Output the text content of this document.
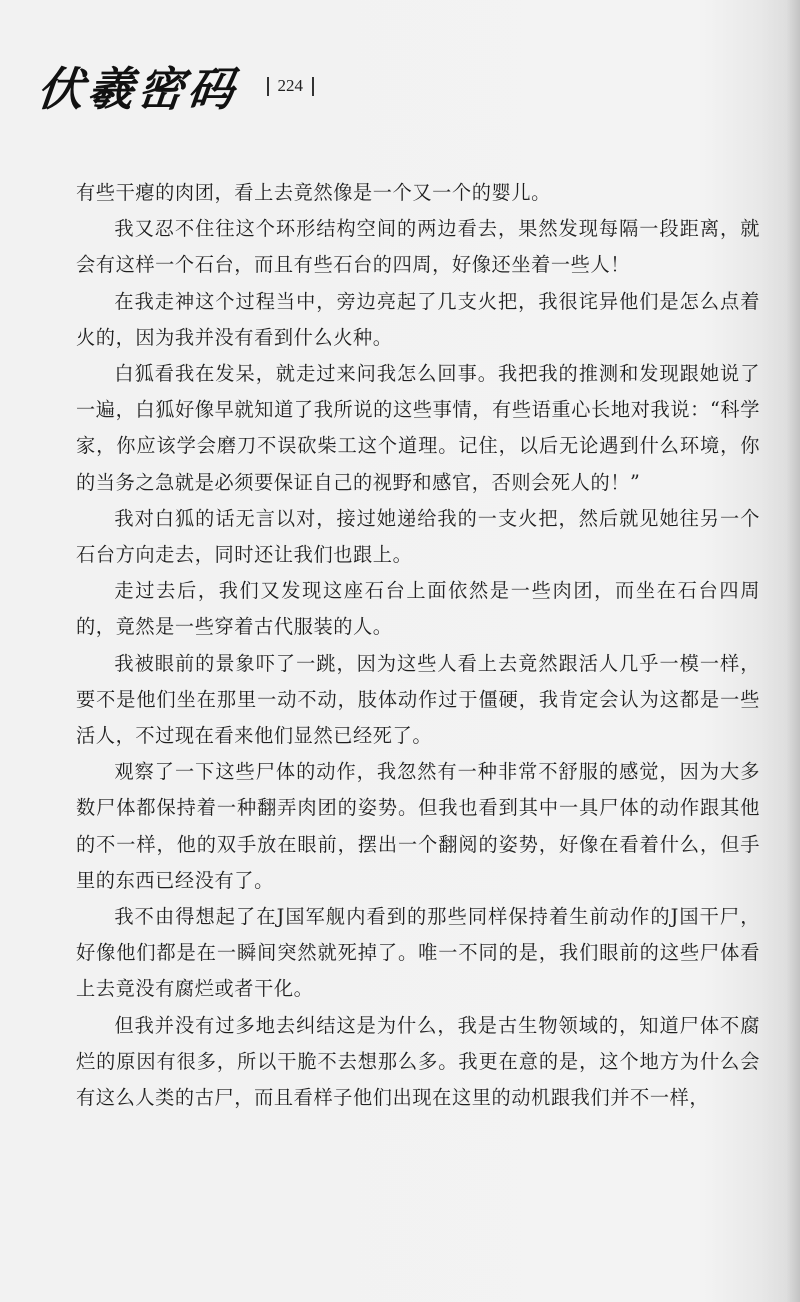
伏羲密码 224

有些干瘪的肉团，看上去竟然像是一个又一个的婴儿。

我又忍不住往这个环形结构空间的两边看去，果然发现每隔一段距离，就会有这样一个石台，而且有些石台的四周，好像还坐着一些人！

在我走神这个过程当中，旁边亮起了几支火把，我很诧异他们是怎么点着火的，因为我并没有看到什么火种。

白狐看我在发呆，就走过来问我怎么回事。我把我的推测和发现跟她说了一遍，白狐好像早就知道了我所说的这些事情，有些语重心长地对我说：“科学家，你应该学会磨刀不误砍柴工这个道理。记住，以后无论遇到什么环境，你的当务之急就是必须要保证自己的视野和感官，否则会死人的！”

我对白狐的话无言以对，接过她递给我的一支火把，然后就见她往另一个石台方向走去，同时还让我们也跟上。

走过去后，我们又发现这座石台上面依然是一些肉团，而坐在石台四周的，竟然是一些穿着古代服装的人。

我被眼前的景象吓了一跳，因为这些人看上去竟然跟活人几乎一模一样，要不是他们坐在那里一动不动，肢体动作过于僵硬，我肯定会认为这都是一些活人，不过现在看来他们显然已经死了。

观察了一下这些尸体的动作，我忽然有一种非常不舒服的感觉，因为大多数尸体都保持着一种翻弄肉团的姿势。但我也看到其中一具尸体的动作跟其他的不一样，他的双手放在眼前，摆出一个翻阅的姿势，好像在看着什么，但手里的东西已经没有了。

我不由得想起了在J国军舰内看到的那些同样保持着生前动作的J国干尸，好像他们都是在一瞬间突然就死掉了。唯一不同的是，我们眼前的这些尸体看上去竟没有腐烂或者干化。

但我并没有过多地去纠结这是为什么，我是古生物领域的，知道尸体不腐烂的原因有很多，所以干脆不去想那么多。我更在意的是，这个地方为什么会有这么人类的古尸，而且看样子他们出现在这里的动机跟我们并不一样，
